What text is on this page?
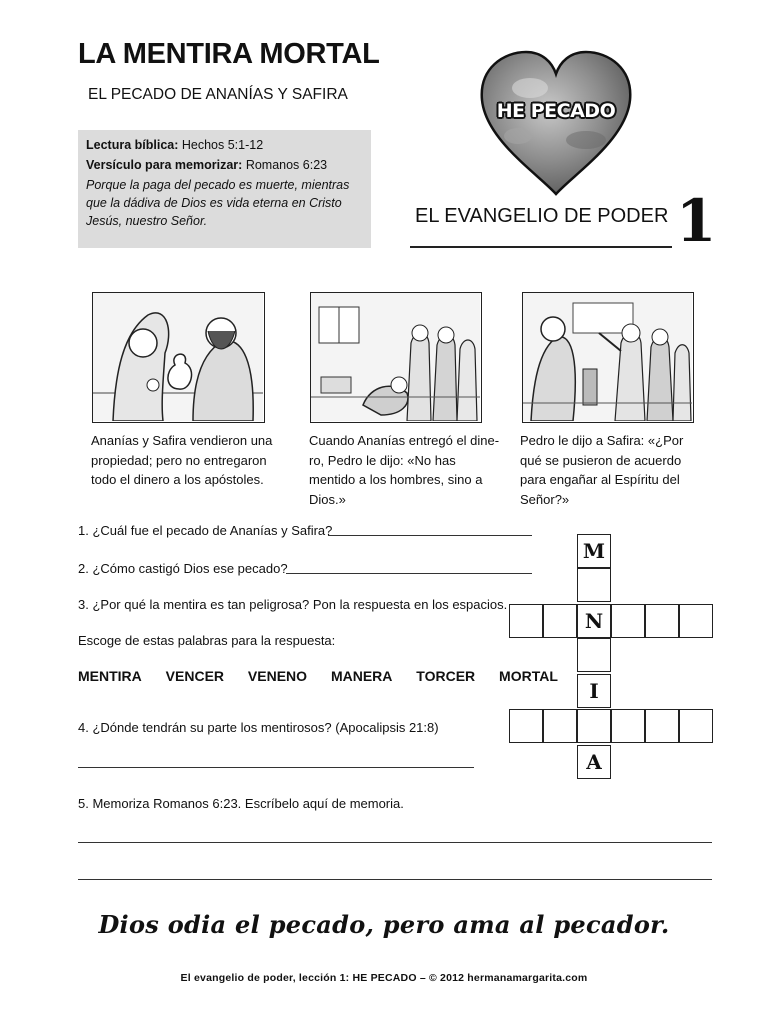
LA MENTIRA MORTAL
EL PECADO DE ANANÍAS Y SAFIRA
Lectura bíblica: Hechos 5:1-12
Versículo para memorizar: Romanos 6:23
Porque la paga del pecado es muerte, mientras que la dádiva de Dios es vida eterna en Cristo Jesús, nuestro Señor.
HE PECADO
EL EVANGELIO DE PODER 1
Ananías y Safira vendieron una propiedad; pero no entregaron todo el dinero a los apóstoles.
Cuando Ananías entregó el dine-ro, Pedro le dijo: «No has mentido a los hombres, sino a Dios.»
Pedro le dijo a Safira: «¿Por qué se pusieron de acuerdo para engañar al Espíritu del Señor?»
1. ¿Cuál fue el pecado de Ananías y Safira?
2. ¿Cómo castigó Dios ese pecado?
3. ¿Por qué la mentira es tan peligrosa? Pon la respuesta en los espacios.
Escoge de estas palabras para la respuesta:
MENTIRA VENCER VENENO MANERA TORCER MORTAL
4. ¿Dónde tendrán su parte los mentirosos? (Apocalipsis 21:8)
5. Memoriza Romanos 6:23. Escríbelo aquí de memoria.
M
N
I
A
Dios odia el pecado, pero ama al pecador.
El evangelio de poder, lección 1: HE PECADO – © 2012 hermanamargarita.com
